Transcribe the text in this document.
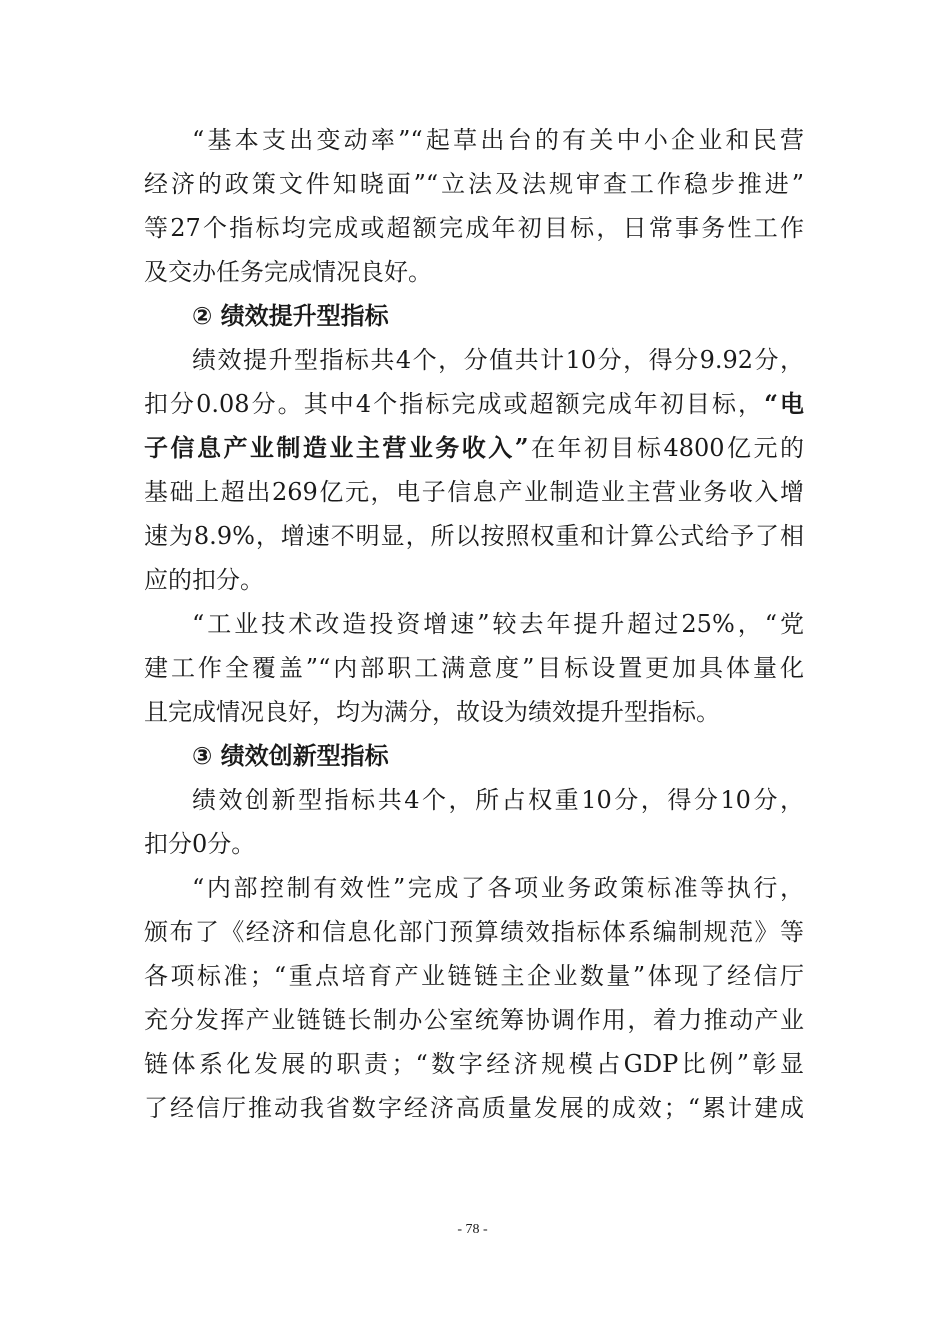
“基本支出变动率”“起草出台的有关中小企业和民营
经济的政策文件知晓面”“立法及法规审查工作稳步推进”
等27个指标均完成或超额完成年初目标，日常事务性工作
及交办任务完成情况良好。
② 绩效提升型指标
绩效提升型指标共4个，分值共计10分，得分9.92分，
扣分0.08分。其中4个指标完成或超额完成年初目标，“电
子信息产业制造业主营业务收入”在年初目标4800亿元的
基础上超出269亿元，电子信息产业制造业主营业务收入增
速为8.9%，增速不明显，所以按照权重和计算公式给予了相
应的扣分。
“工业技术改造投资增速”较去年提升超过25%，“党
建工作全覆盖”“内部职工满意度”目标设置更加具体量化
且完成情况良好，均为满分，故设为绩效提升型指标。
③ 绩效创新型指标
绩效创新型指标共4个，所占权重10分，得分10分，
扣分0分。
“内部控制有效性”完成了各项业务政策标准等执行，
颁布了《经济和信息化部门预算绩效指标体系编制规范》等
各项标准；“重点培育产业链链主企业数量”体现了经信厅
充分发挥产业链链长制办公室统筹协调作用，着力推动产业
链体系化发展的职责；“数字经济规模占GDP比例”彰显
了经信厅推动我省数字经济高质量发展的成效；“累计建成
- 78 -
